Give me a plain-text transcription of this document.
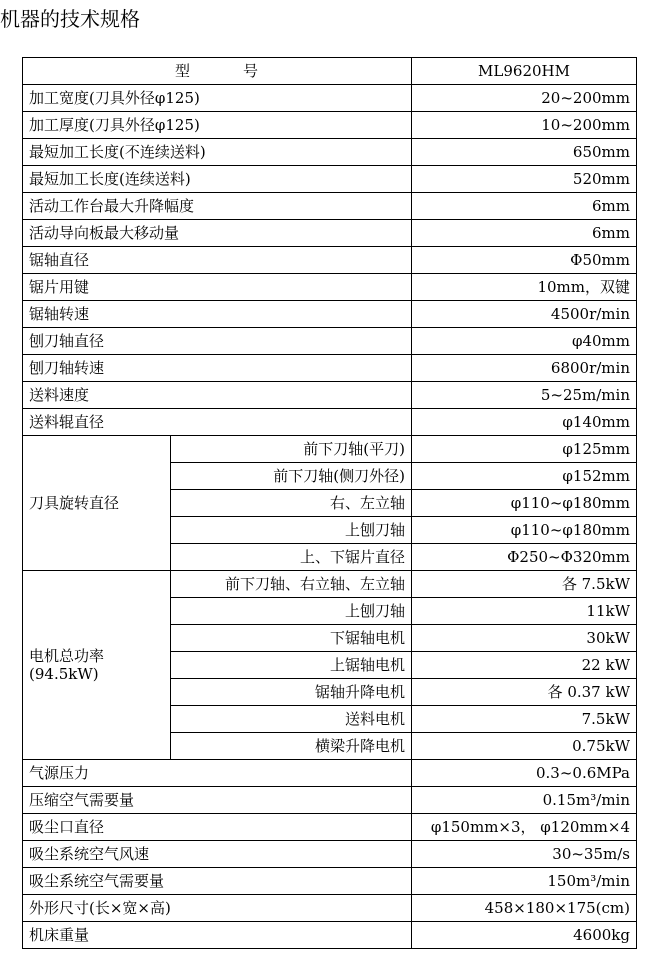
机器的技术规格
型 号		ML9620HM
加工宽度(刀具外径φ125)		20~200mm
加工厚度(刀具外径φ125)		10~200mm
最短加工长度(不连续送料)		650mm
最短加工长度(连续送料)		520mm
活动工作台最大升降幅度		6mm
活动导向板最大移动量		6mm
锯轴直径		Φ50mm
锯片用键		10mm，双键
锯轴转速		4500r/min
刨刀轴直径		φ40mm
刨刀轴转速		6800r/min
送料速度		5~25m/min
送料辊直径		φ140mm
刀具旋转直径	前下刀轴(平刀)	φ125mm
	前下刀轴(侧刀外径)	φ152mm
	右、左立轴	φ110~φ180mm
	上刨刀轴	φ110~φ180mm
	上、下锯片直径	Φ250~Φ320mm
电机总功率
(94.5kW)	前下刀轴、右立轴、左立轴	各 7.5kW
	上刨刀轴	11kW
	下锯轴电机	30kW
	上锯轴电机	22 kW
	锯轴升降电机	各 0.37 kW
	送料电机	7.5kW
	横梁升降电机	0.75kW
气源压力		0.3~0.6MPa
压缩空气需要量		0.15m³/min
吸尘口直径		φ150mm×3， φ120mm×4
吸尘系统空气风速		30~35m/s
吸尘系统空气需要量		150m³/min
外形尺寸(长×宽×高)		458×180×175(cm)
机床重量		4600kg
